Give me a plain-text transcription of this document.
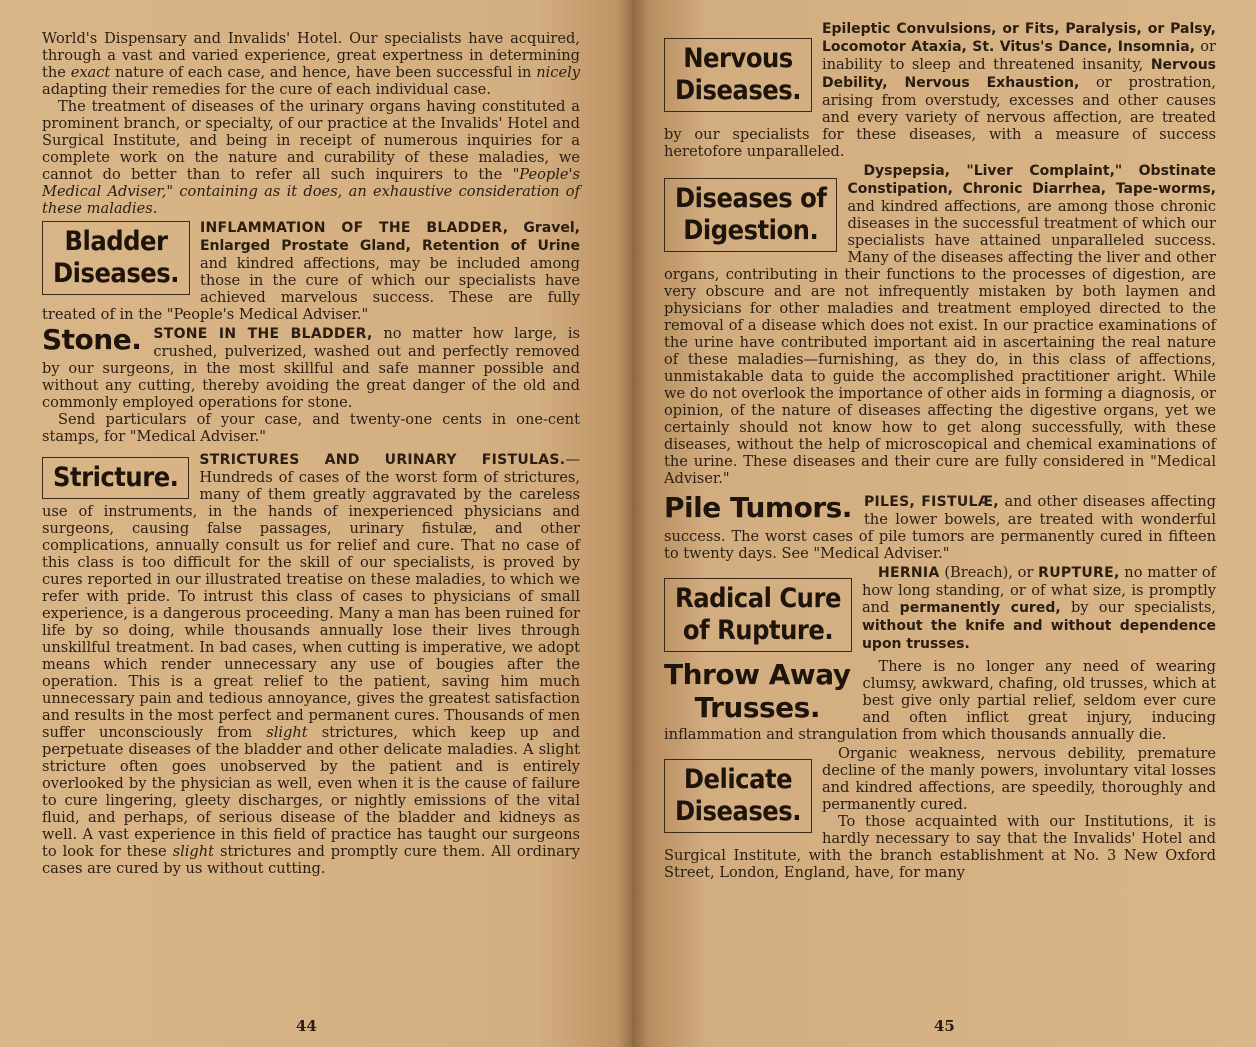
World's Dispensary and Invalids' Hotel. Our specialists have acquired, through a vast and varied experience, great expertness in determining the exact nature of each case, and hence, have been successful in nicely adapting their remedies for the cure of each individual case.

The treatment of diseases of the urinary organs having constituted a prominent branch, or specialty, of our practice at the Invalids' Hotel and Surgical Institute, and being in receipt of numerous inquiries for a complete work on the nature and curability of these maladies, we cannot do better than to refer all such inquirers to the "People's Medical Adviser," containing as it does, an exhaustive consideration of these maladies.

Bladder
Diseases.

INFLAMMATION OF THE BLADDER, Gravel, Enlarged Prostate Gland, Retention of Urine and kindred affections, may be included among those in the cure of which our specialists have achieved marvelous success. These are fully treated of in the "People's Medical Adviser."

Stone. STONE IN THE BLADDER, no matter how large, is crushed, pulverized, washed out and perfectly removed by our surgeons, in the most skillful and safe manner possible and without any cutting, thereby avoiding the great danger of the old and commonly employed operations for stone.

Send particulars of your case, and twenty-one cents in one-cent stamps, for "Medical Adviser."

Stricture.

STRICTURES AND URINARY FISTULAS.—Hundreds of cases of the worst form of strictures, many of them greatly aggravated by the careless use of instruments, in the hands of inexperienced physicians and surgeons, causing false passages, urinary fistulæ, and other complications, annually consult us for relief and cure. That no case of this class is too difficult for the skill of our specialists, is proved by cures reported in our illustrated treatise on these maladies, to which we refer with pride. To intrust this class of cases to physicians of small experience, is a dangerous proceeding. Many a man has been ruined for life by so doing, while thousands annually lose their lives through unskillful treatment. In bad cases, when cutting is imperative, we adopt means which render unnecessary any use of bougies after the operation. This is a great relief to the patient, saving him much unnecessary pain and tedious annoyance, gives the greatest satisfaction and results in the most perfect and permanent cures. Thousands of men suffer unconsciously from slight strictures, which keep up and perpetuate diseases of the bladder and other delicate maladies. A slight stricture often goes unobserved by the patient and is entirely overlooked by the physician as well, even when it is the cause of failure to cure lingering, gleety discharges, or nightly emissions of the vital fluid, and perhaps, of serious disease of the bladder and kidneys as well. A vast experience in this field of practice has taught our surgeons to look for these slight strictures and promptly cure them. All ordinary cases are cured by us without cutting.

44
Nervous
Diseases.

Epileptic Convulsions, or Fits, Paralysis, or Palsy, Locomotor Ataxia, St. Vitus's Dance, Insomnia, or inability to sleep and threatened insanity, Nervous Debility, Nervous Exhaustion, or prostration, arising from overstudy, excesses and other causes and every variety of nervous affection, are treated by our specialists for these diseases, with a measure of success heretofore unparalleled.

Diseases of
Digestion.

Dyspepsia, "Liver Complaint," Obstinate Constipation, Chronic Diarrhea, Tape-worms, and kindred affections, are among those chronic diseases in the successful treatment of which our specialists have attained unparalleled success. Many of the diseases affecting the liver and other organs, contributing in their functions to the processes of digestion, are very obscure and are not infrequently mistaken by both laymen and physicians for other maladies and treatment employed directed to the removal of a disease which does not exist. In our practice examinations of the urine have contributed important aid in ascertaining the real nature of these maladies—furnishing, as they do, in this class of affections, unmistakable data to guide the accomplished practitioner aright. While we do not overlook the importance of other aids in forming a diagnosis, or opinion, of the nature of diseases affecting the digestive organs, yet we certainly should not know how to get along successfully, with these diseases, without the help of microscopical and chemical examinations of the urine. These diseases and their cure are fully considered in "Medical Adviser."

Pile Tumors. PILES, FISTULÆ, and other diseases affecting the lower bowels, are treated with wonderful success. The worst cases of pile tumors are permanently cured in fifteen to twenty days. See "Medical Adviser."

Radical Cure
of Rupture.

HERNIA (Breach), or RUPTURE, no matter of how long standing, or of what size, is promptly and permanently cured, by our specialists, without the knife and without dependence upon trusses.

Throw Away
Trusses.

There is no longer any need of wearing clumsy, awkward, chafing, old trusses, which at best give only partial relief, seldom ever cure and often inflict great injury, inducing inflammation and strangulation from which thousands annually die.

Delicate
Diseases.

Organic weakness, nervous debility, premature decline of the manly powers, involuntary vital losses and kindred affections, are speedily, thoroughly and permanently cured.

To those acquainted with our Institutions, it is hardly necessary to say that the Invalids' Hotel and Surgical Institute, with the branch establishment at No. 3 New Oxford Street, London, England, have, for many

45
